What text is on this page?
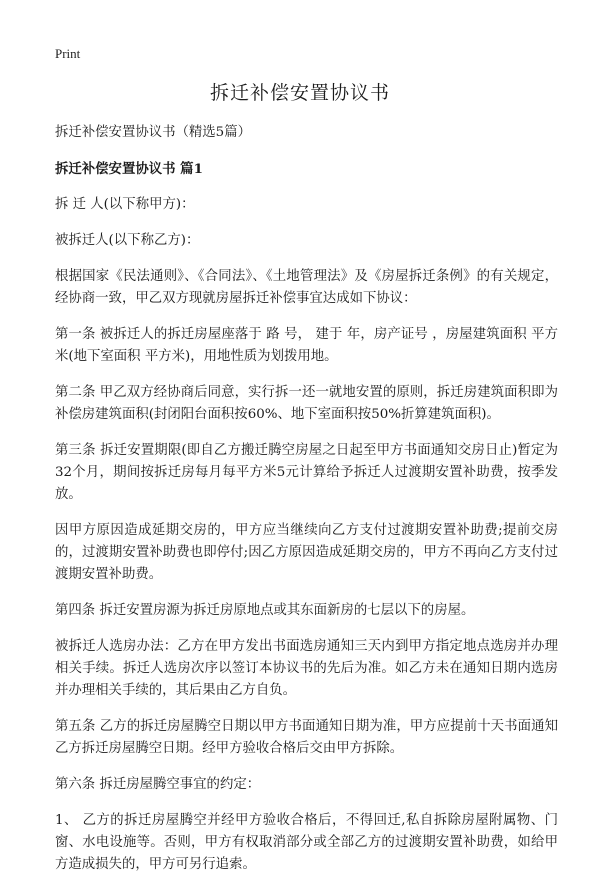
Print
拆迁补偿安置协议书

拆迁补偿安置协议书（精选5篇）

拆迁补偿安置协议书 篇1

拆 迁 人(以下称甲方)：

被拆迁人(以下称乙方)：

根据国家《民法通则》、《合同法》、《土地管理法》及《房屋拆迁条例》的有关规定，经协商一致，甲乙双方现就房屋拆迁补偿事宜达成如下协议：

第一条 被拆迁人的拆迁房屋座落于 路 号， 建于 年，房产证号 ，房屋建筑面积 平方米(地下室面积 平方米)，用地性质为划拨用地。

第二条 甲乙双方经协商后同意，实行拆一还一就地安置的原则，拆迁房建筑面积即为补偿房建筑面积(封闭阳台面积按60%、地下室面积按50%折算建筑面积)。

第三条 拆迁安置期限(即自乙方搬迁腾空房屋之日起至甲方书面通知交房日止)暂定为32个月，期间按拆迁房每月每平方米5元计算给予拆迁人过渡期安置补助费，按季发放。

因甲方原因造成延期交房的，甲方应当继续向乙方支付过渡期安置补助费;提前交房的，过渡期安置补助费也即停付;因乙方原因造成延期交房的，甲方不再向乙方支付过渡期安置补助费。

第四条 拆迁安置房源为拆迁房原地点或其东面新房的七层以下的房屋。

被拆迁人选房办法：乙方在甲方发出书面选房通知三天内到甲方指定地点选房并办理相关手续。拆迁人选房次序以签订本协议书的先后为准。如乙方未在通知日期内选房并办理相关手续的，其后果由乙方自负。

第五条 乙方的拆迁房屋腾空日期以甲方书面通知日期为准，甲方应提前十天书面通知乙方拆迁房屋腾空日期。经甲方验收合格后交由甲方拆除。

第六条 拆迁房屋腾空事宜的约定：

1、 乙方的拆迁房屋腾空并经甲方验收合格后，不得回迁,私自拆除房屋附属物、门窗、水电设施等。否则，甲方有权取消部分或全部乙方的过渡期安置补助费，如给甲方造成损失的，甲方可另行追索。
